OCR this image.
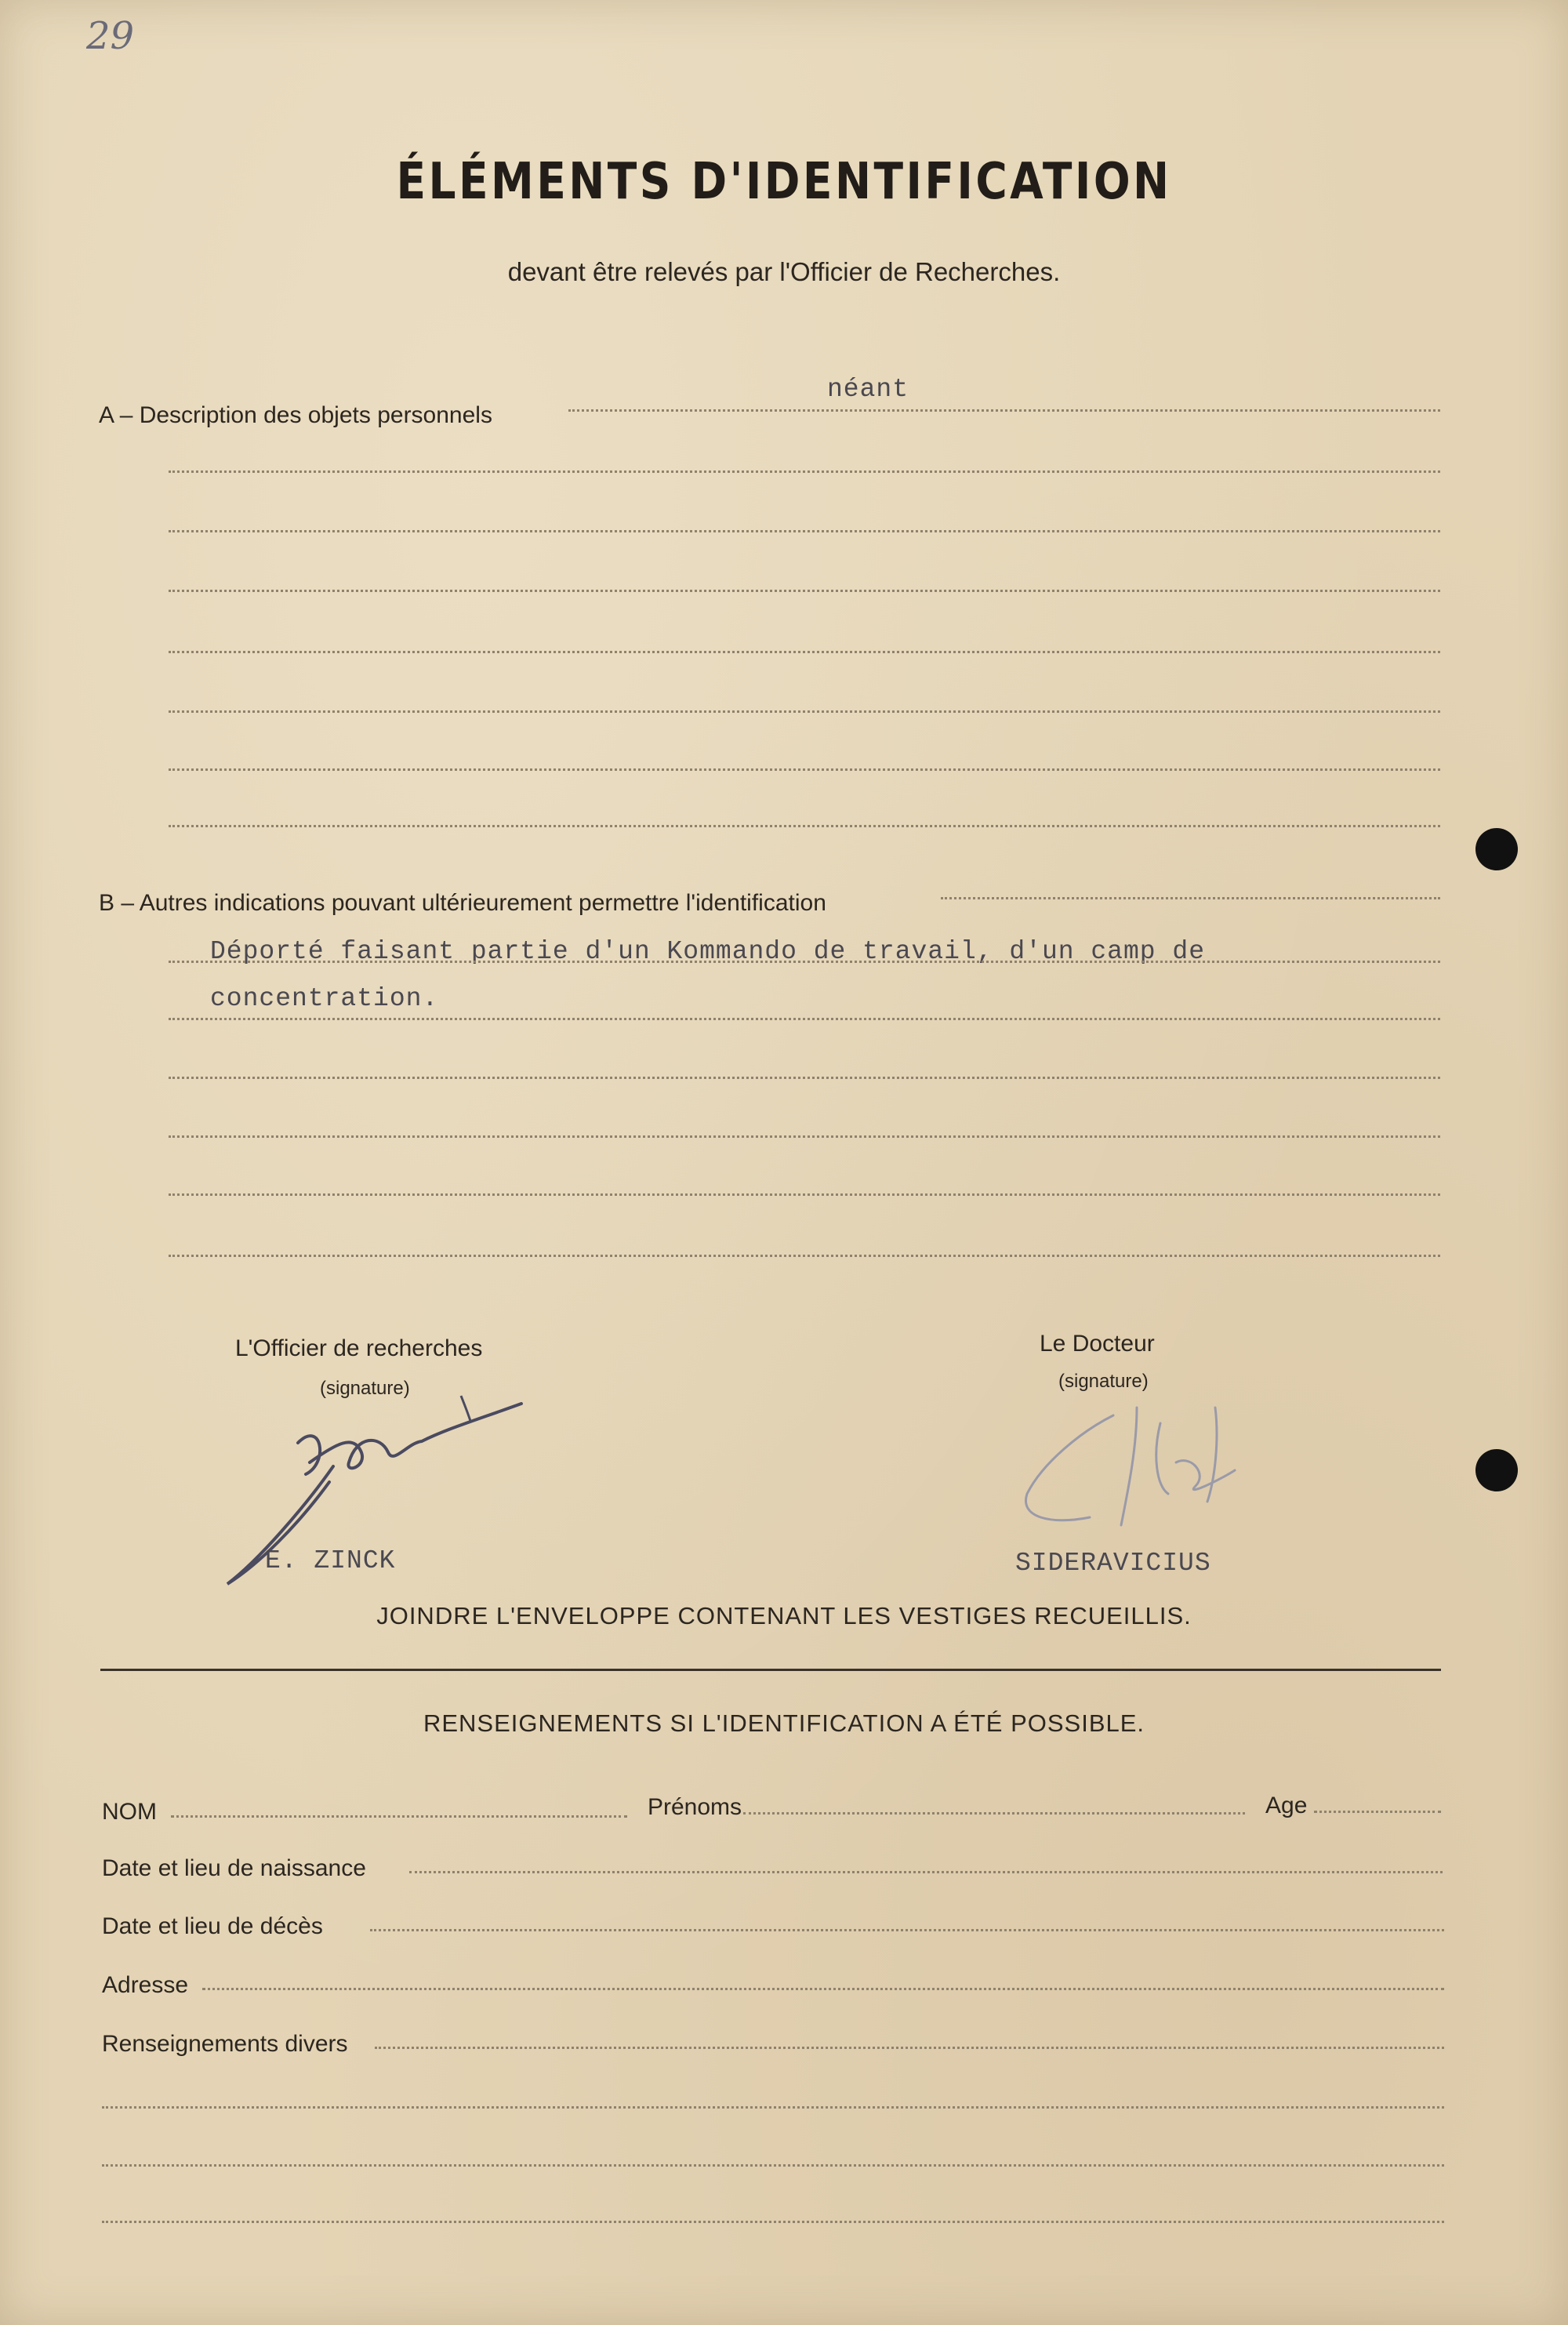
29
ÉLÉMENTS D'IDENTIFICATION
devant être relevés par l'Officier de Recherches.
A – Description des objets personnels
néant
B – Autres indications pouvant ultérieurement permettre l'identification
Déporté faisant partie d'un Kommando de travail, d'un camp de
concentration.
L'Officier de recherches
(signature)
E. ZINCK
Le Docteur
(signature)
SIDERAVICIUS
JOINDRE L'ENVELOPPE CONTENANT LES VESTIGES RECUEILLIS.
RENSEIGNEMENTS SI L'IDENTIFICATION A ÉTÉ POSSIBLE.
NOM	Prénoms	Age
Date et lieu de naissance
Date et lieu de décès
Adresse
Renseignements divers
